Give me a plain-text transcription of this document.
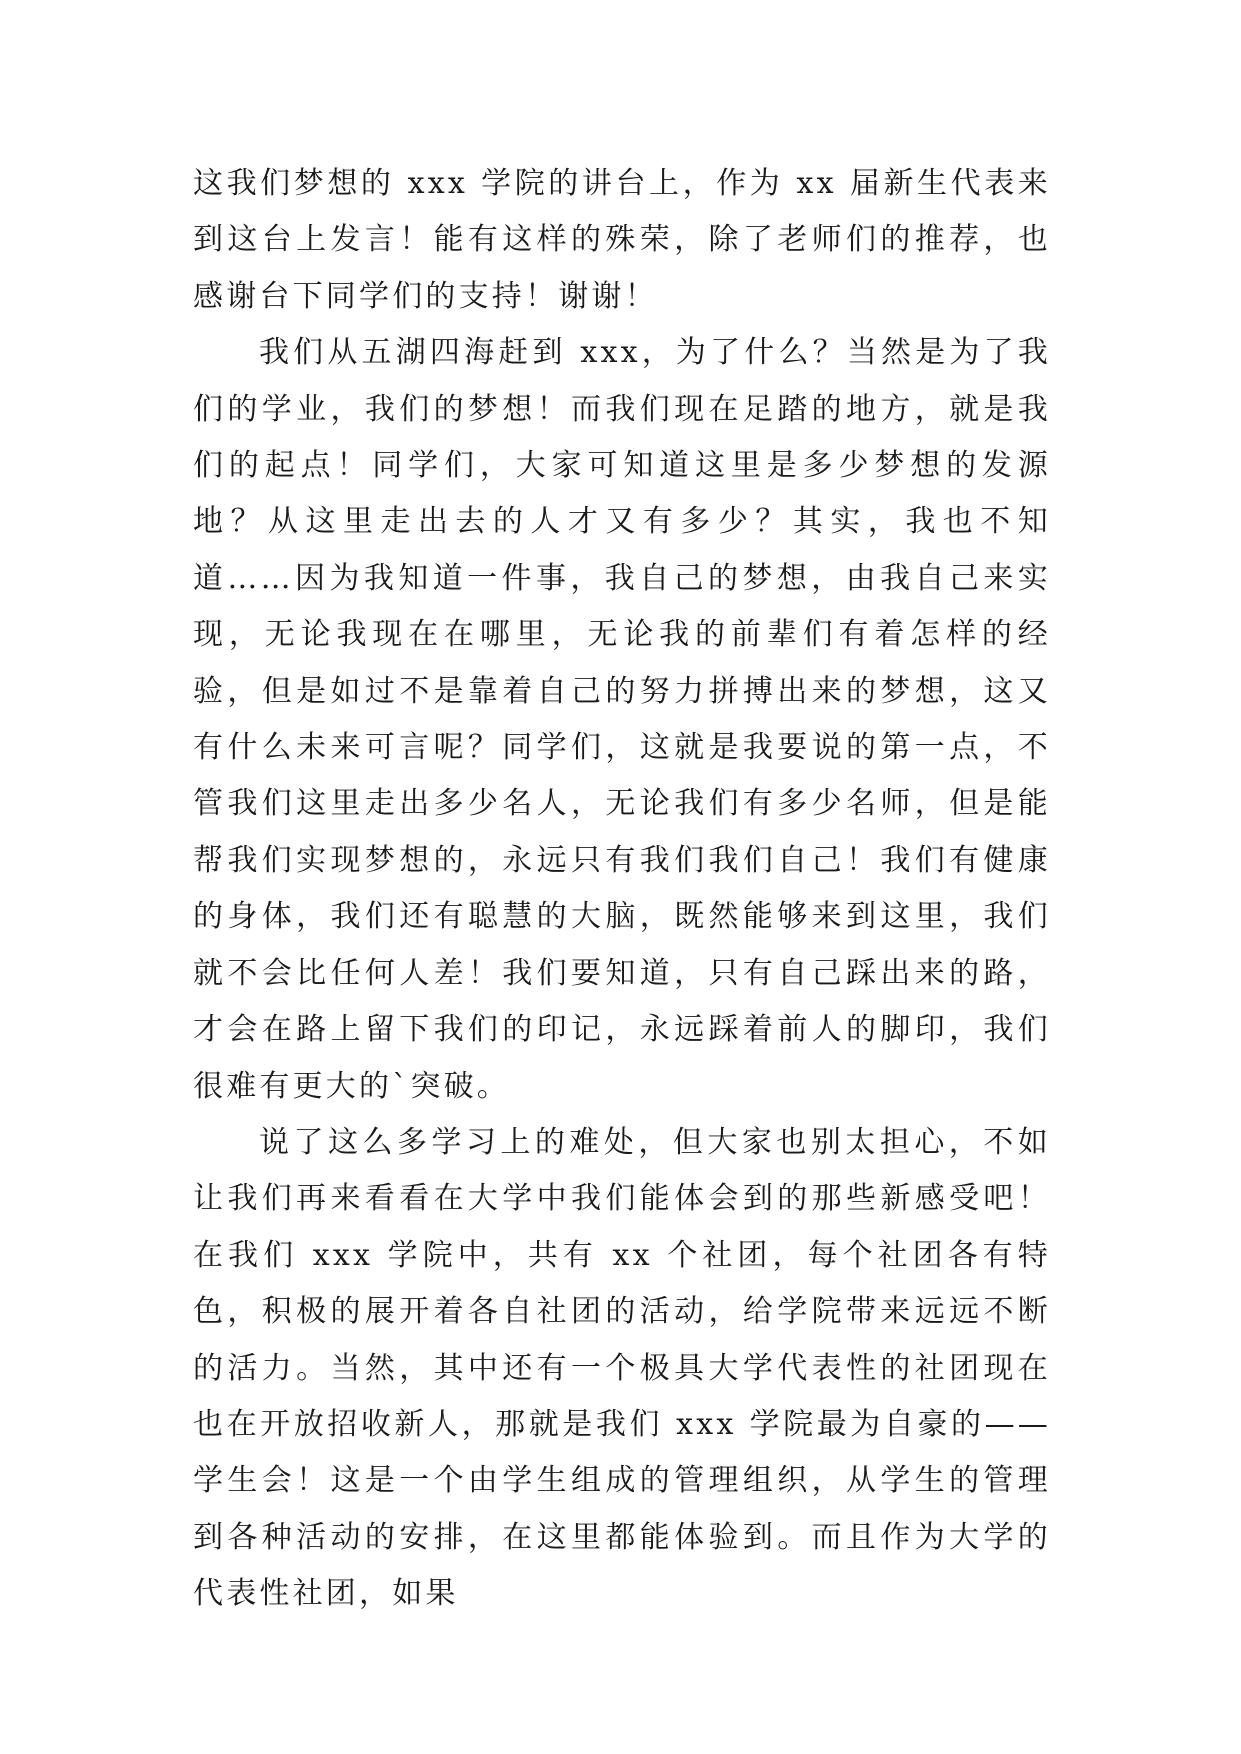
这我们梦想的 xxx 学院的讲台上，作为 xx 届新生代表来到这台上发言！能有这样的殊荣，除了老师们的推荐，也感谢台下同学们的支持！谢谢！

我们从五湖四海赶到 xxx，为了什么？当然是为了我们的学业，我们的梦想！而我们现在足踏的地方，就是我们的起点！同学们，大家可知道这里是多少梦想的发源地？从这里走出去的人才又有多少？其实，我也不知道……因为我知道一件事，我自己的梦想，由我自己来实现，无论我现在在哪里，无论我的前辈们有着怎样的经验，但是如过不是靠着自己的努力拼搏出来的梦想，这又有什么未来可言呢？同学们，这就是我要说的第一点，不管我们这里走出多少名人，无论我们有多少名师，但是能帮我们实现梦想的，永远只有我们我们自己！我们有健康的身体，我们还有聪慧的大脑，既然能够来到这里，我们就不会比任何人差！我们要知道，只有自己踩出来的路，才会在路上留下我们的印记，永远踩着前人的脚印，我们很难有更大的`突破。

说了这么多学习上的难处，但大家也别太担心，不如让我们再来看看在大学中我们能体会到的那些新感受吧！在我们 xxx 学院中，共有 xx 个社团，每个社团各有特色，积极的展开着各自社团的活动，给学院带来远远不断的活力。当然，其中还有一个极具大学代表性的社团现在也在开放招收新人，那就是我们 xxx 学院最为自豪的——学生会！这是一个由学生组成的管理组织，从学生的管理到各种活动的安排，在这里都能体验到。而且作为大学的代表性社团，如果
